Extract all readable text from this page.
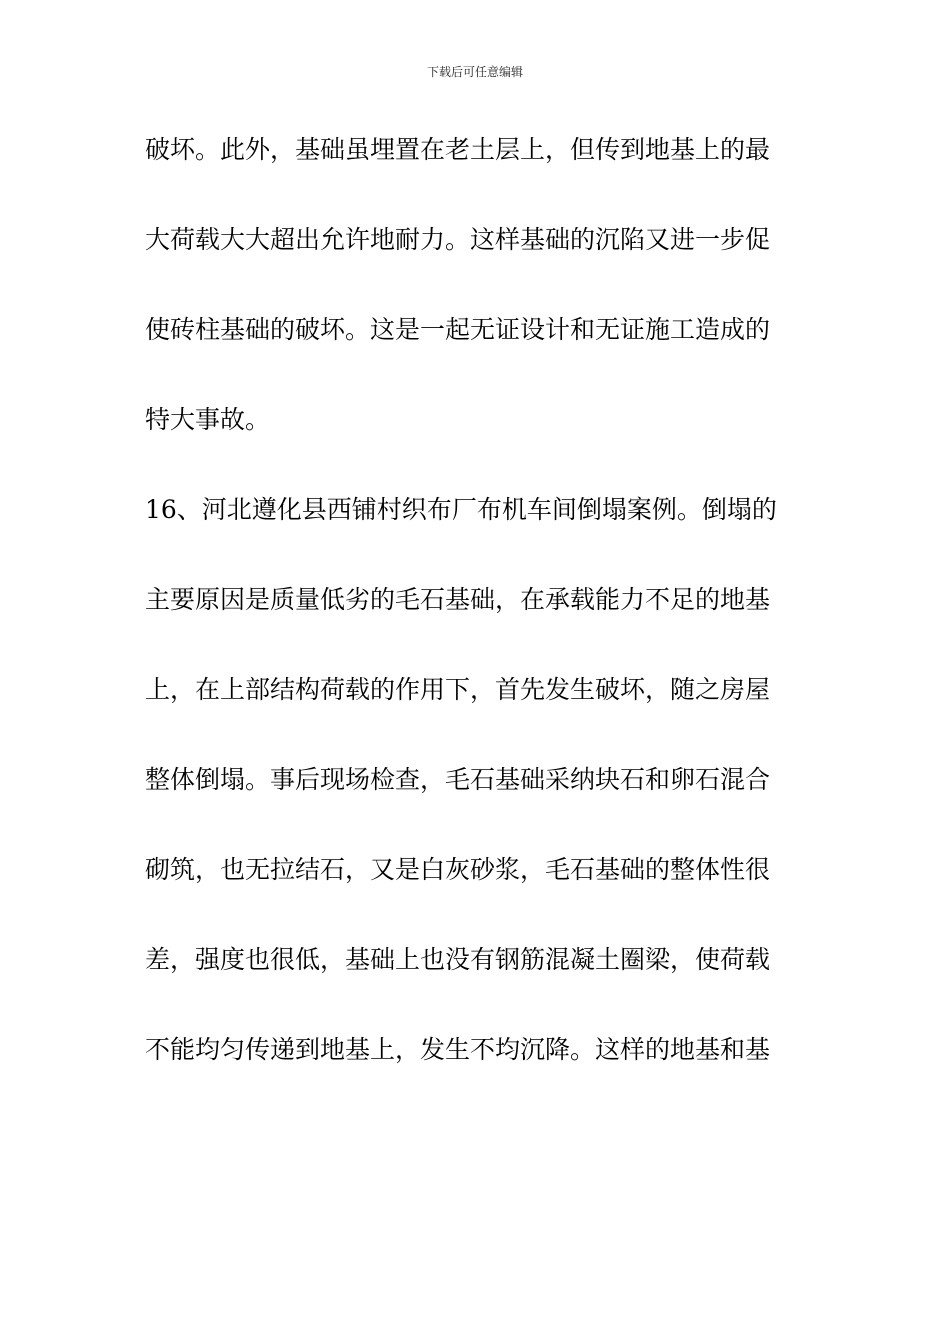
下载后可任意编辑
破坏。此外，基础虽埋置在老土层上，但传到地基上的最
大荷载大大超出允许地耐力。这样基础的沉陷又进一步促
使砖柱基础的破坏。这是一起无证设计和无证施工造成的
特大事故。
16、河北遵化县西铺村织布厂布机车间倒塌案例。倒塌的
主要原因是质量低劣的毛石基础，在承载能力不足的地基
上，在上部结构荷载的作用下，首先发生破坏，随之房屋
整体倒塌。事后现场检查，毛石基础采纳块石和卵石混合
砌筑，也无拉结石，又是白灰砂浆，毛石基础的整体性很
差，强度也很低，基础上也没有钢筋混凝土圈梁，使荷载
不能均匀传递到地基上，发生不均沉降。这样的地基和基
